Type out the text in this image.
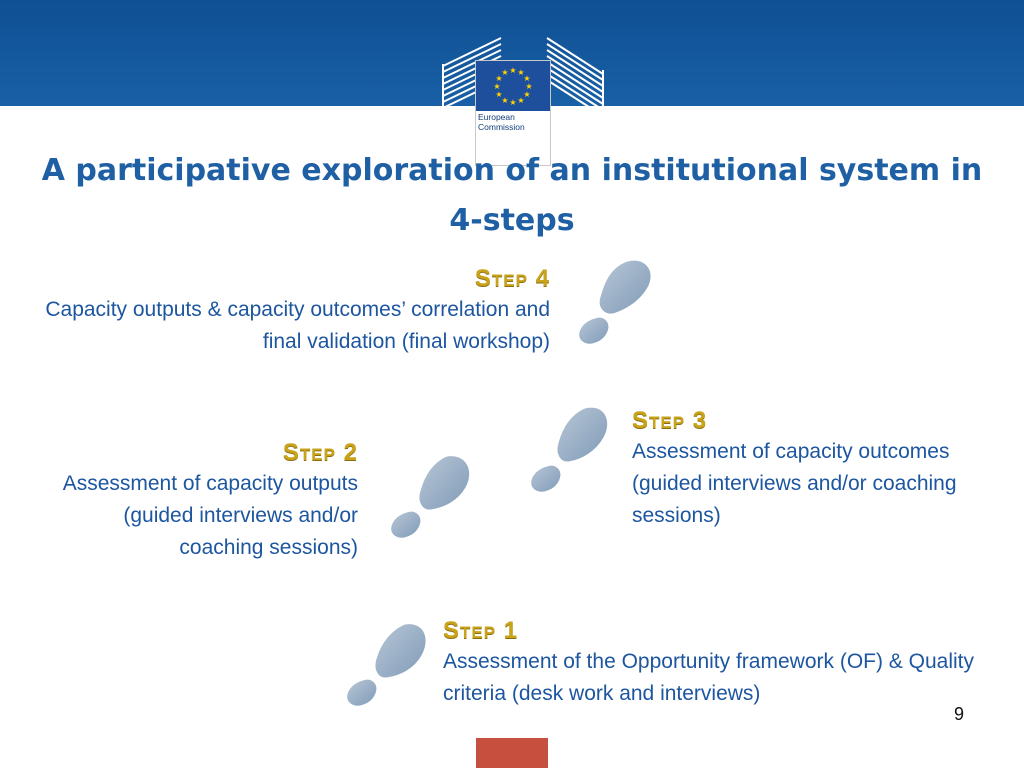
★ ★
★
★
★
★
★
★
★
★
★
★
European
Commission
A participative exploration of an institutional system in 4-steps
Step 4
Capacity outputs & capacity outcomes’ correlation and final validation (final workshop)
Step 3
Assessment of capacity outcomes (guided interviews and/or coaching sessions)
Step 2
Assessment of capacity outputs (guided interviews and/or coaching sessions)
Step 1
Assessment of the Opportunity framework (OF) & Quality criteria (desk work and interviews)
9
